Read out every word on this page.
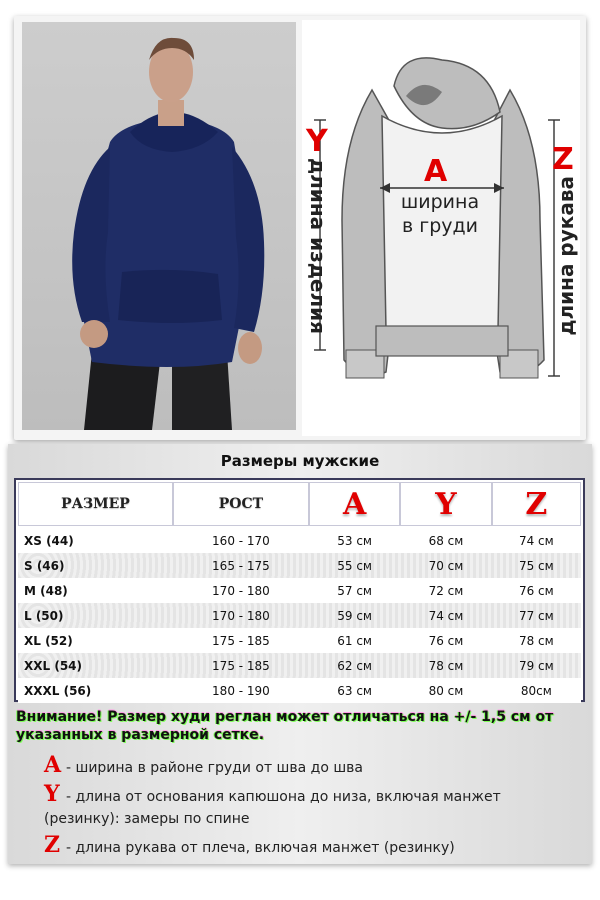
Y
Z
A
длина изделия	длина рукава
ширина
в груди
Размеры мужские
РАЗМЕР	РОСТ	A	Y	Z
XS (44)	160 - 170	53 см	68 см	74 см
S (46)	165 - 175	55 см	70 см	75 см
M (48)	170 - 180	57 см	72 см	76 см
L (50)	170 - 180	59 см	74 см	77 см
XL (52)	175 - 185	61 см	76 см	78 см
XXL (54)	175 - 185	62 см	78 см	79 см
XXXL (56)	180 - 190	63 см	80 см	80см
Внимание! Размер худи реглан может отличаться на +/- 1,5 см от указанных в размерной сетке.
A - ширина в районе груди от шва до шва
Y - длина от основания капюшона до низа, включая манжет (резинку): замеры по спине
Z - длина рукава от плеча, включая манжет (резинку)
